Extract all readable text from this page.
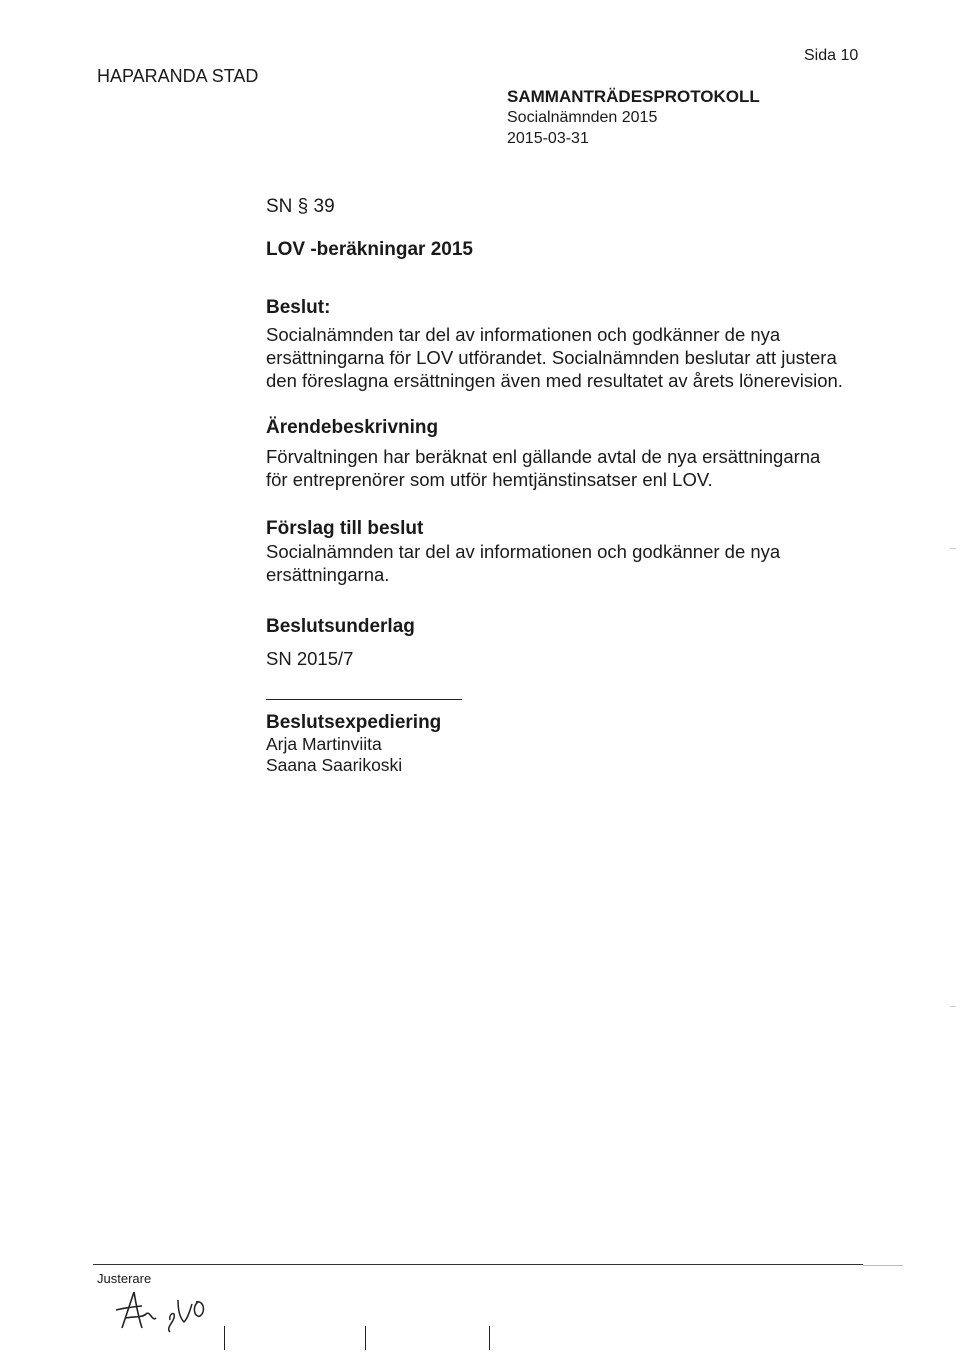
HAPARANDA STAD
Sida 10
SAMMANTRÄDESPROTOKOLL
Socialnämnden 2015
2015-03-31

SN § 39

LOV -beräkningar 2015

Beslut:

Socialnämnden tar del av informationen och godkänner de nya

ersättningarna för LOV utförandet. Socialnämnden beslutar att justera

den föreslagna ersättningen även med resultatet av årets lönerevision.

Ärendebeskrivning

Förvaltningen har beräknat enl gällande avtal de nya ersättningarna

för entreprenörer som utför hemtjänstinsatser enl LOV.

Förslag till beslut

Socialnämnden tar del av informationen och godkänner de nya

ersättningarna.

Beslutsunderlag

SN 2015/7

Beslutsexpediering

Arja Martinviita

Saana Saarikoski

Justerare
